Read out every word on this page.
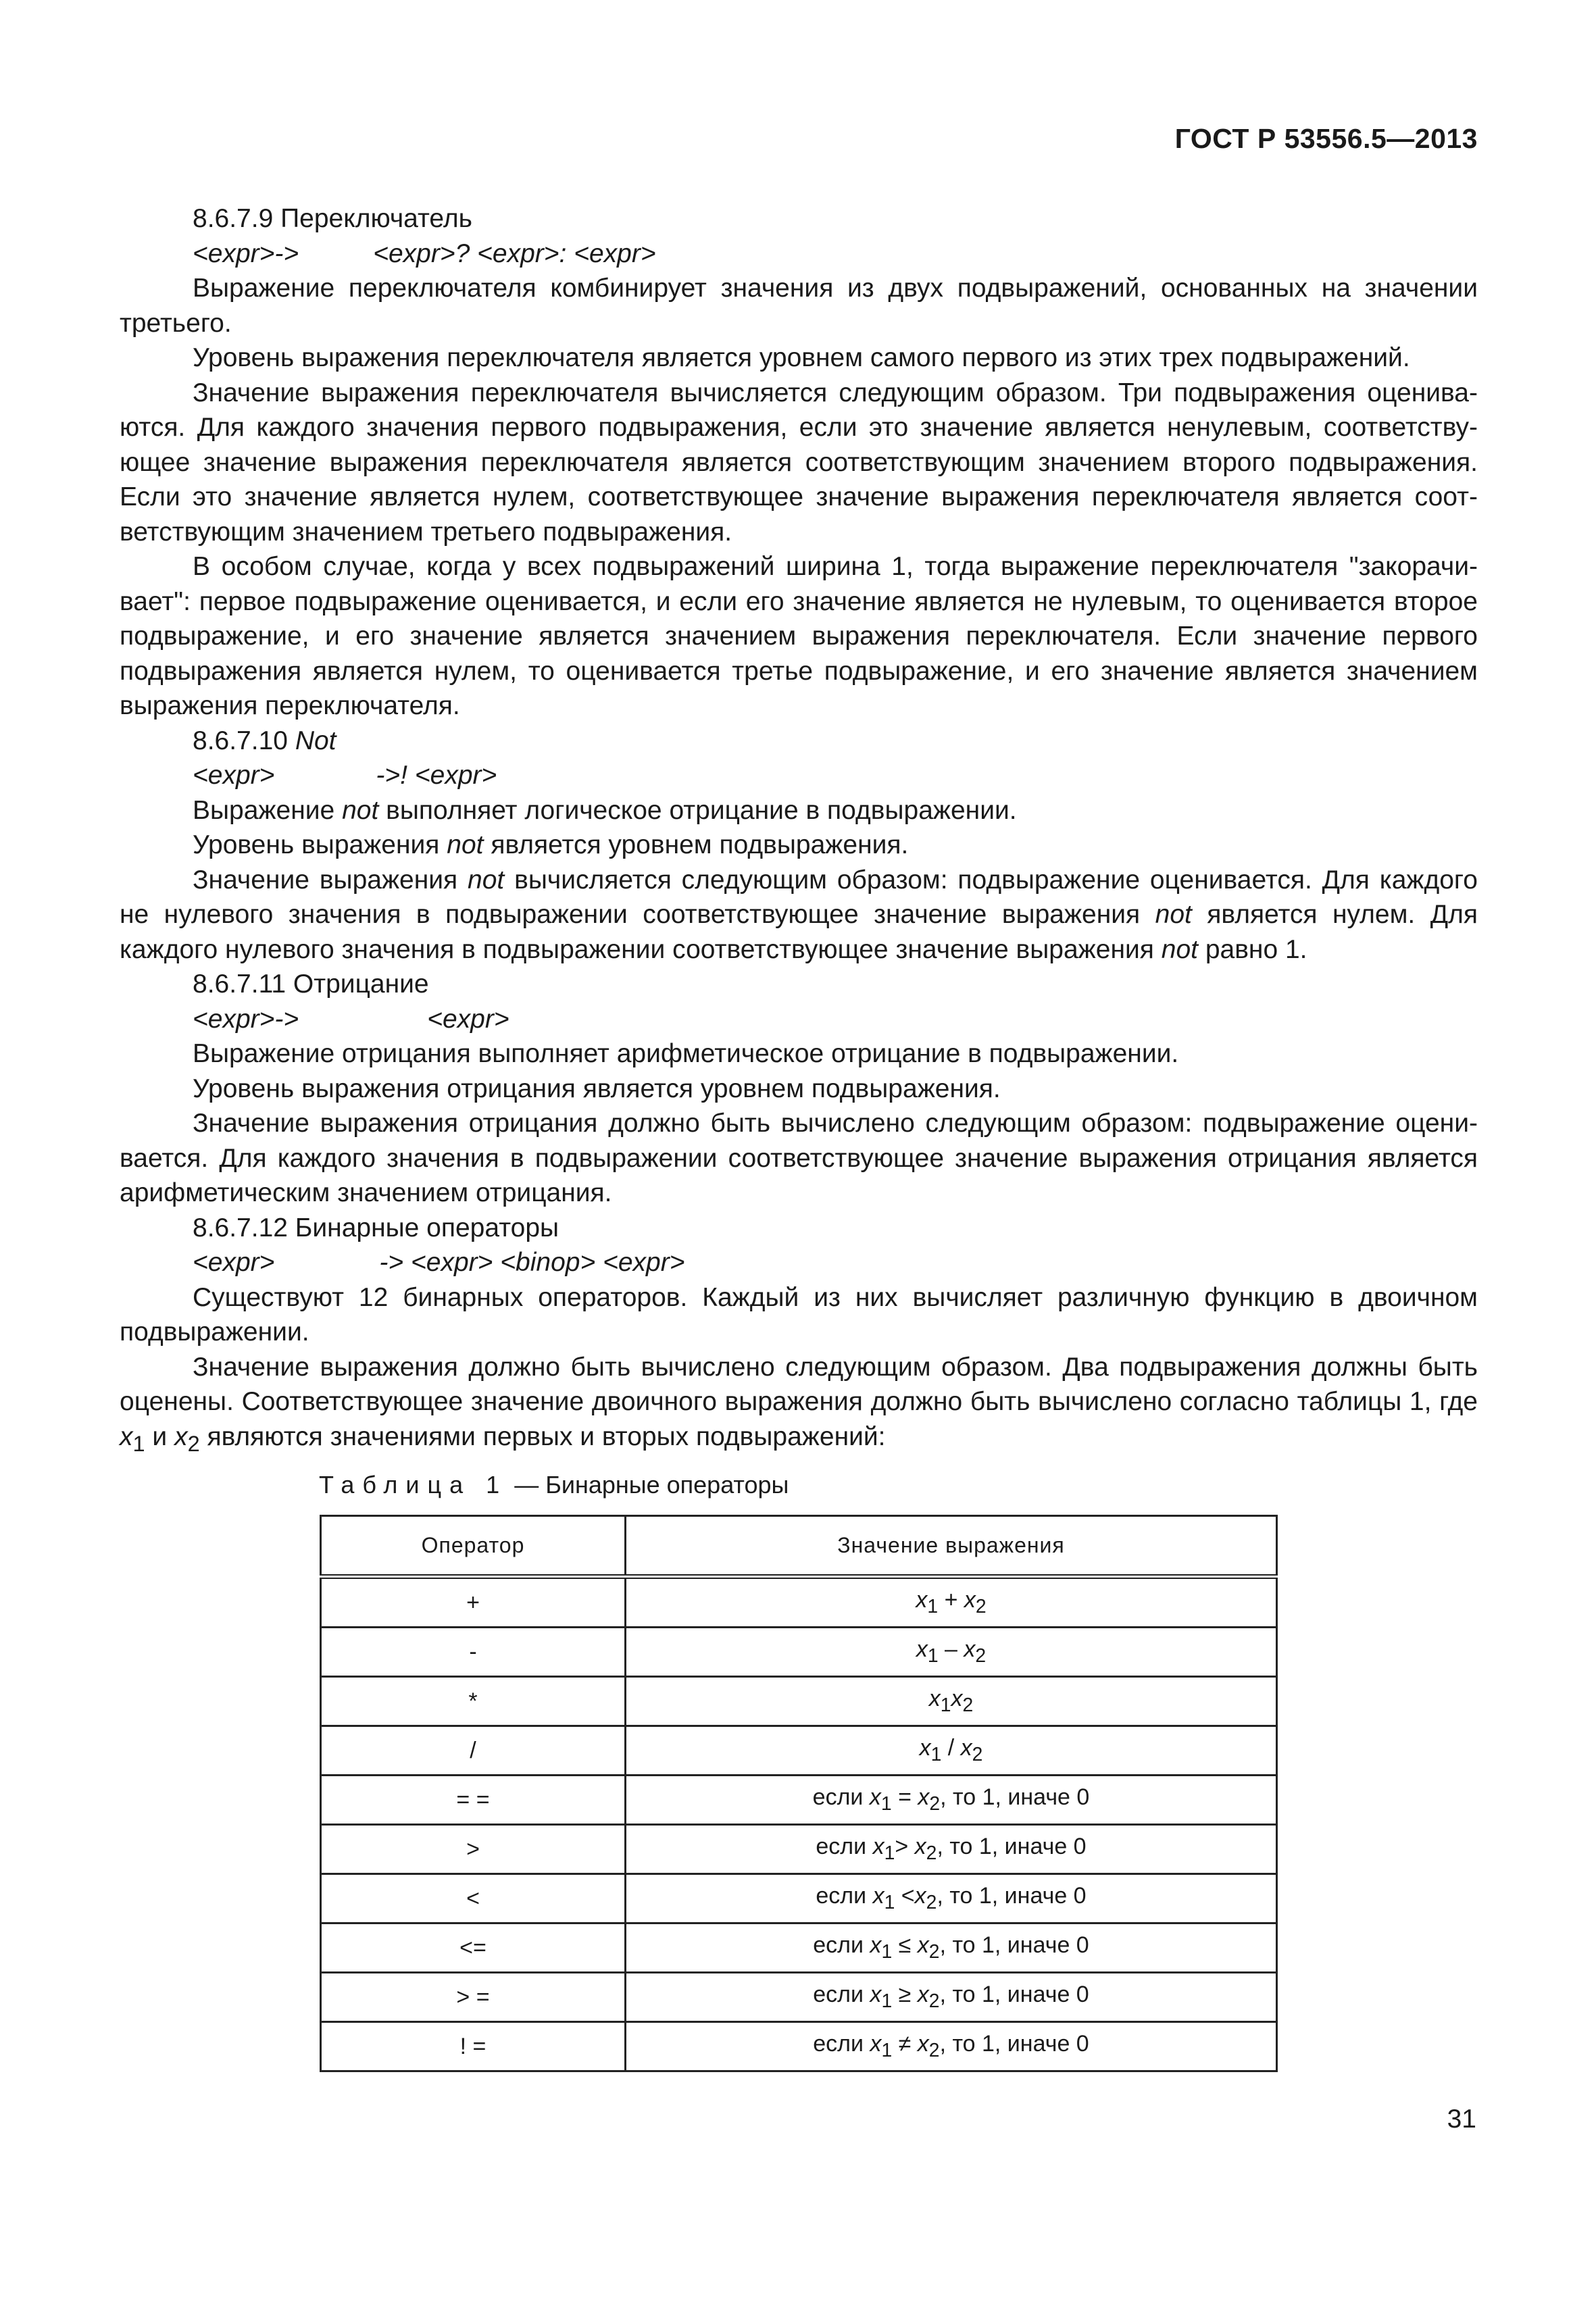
ГОСТ Р 53556.5—2013

8.6.7.9 Переключатель

<expr>->	<expr>? <expr>: <expr>

Выражение переключателя комбинирует значения из двух подвыражений, основанных на значении третьего.

Уровень выражения переключателя является уровнем самого первого из этих трех подвыражений.

Значение выражения переключателя вычисляется следующим образом. Три подвыражения оцениваются. Для каждого значения первого подвыражения, если это значение является ненулевым, соответствующее значение выражения переключателя является соответствующим значением второго подвыражения. Если это значение является нулем, соответствующее значение выражения переключателя является соответствующим значением третьего подвыражения.

В особом случае, когда у всех подвыражений ширина 1, тогда выражение переключателя "закорачивает": первое подвыражение оценивается, и если его значение является не нулевым, то оценивается второе подвыражение, и его значение является значением выражения переключателя. Если значение первого подвыражения является нулем, то оценивается третье подвыражение, и его значение является значением выражения переключателя.

8.6.7.10 Not

<expr>	->! <expr>

Выражение not выполняет логическое отрицание в подвыражении.

Уровень выражения not является уровнем подвыражения.

Значение выражения not вычисляется следующим образом: подвыражение оценивается. Для каждого не нулевого значения в подвыражении соответствующее значение выражения not является нулем. Для каждого нулевого значения в подвыражении соответствующее значение выражения not равно 1.

8.6.7.11 Отрицание

<expr>->	<expr>

Выражение отрицания выполняет арифметическое отрицание в подвыражении.

Уровень выражения отрицания является уровнем подвыражения.

Значение выражения отрицания должно быть вычислено следующим образом: подвыражение оценивается. Для каждого значения в подвыражении соответствующее значение выражения отрицания является арифметическим значением отрицания.

8.6.7.12 Бинарные операторы

<expr>	-> <expr> <binop> <expr>

Существуют 12 бинарных операторов. Каждый из них вычисляет различную функцию в двоичном подвыражении.

Значение выражения должно быть вычислено следующим образом. Два подвыражения должны быть оценены. Соответствующее значение двоичного выражения должно быть вычислено согласно таблицы 1, где $x_1$ и $x_2$ являются значениями первых и вторых подвыражений:

Таблица 1 — Бинарные операторы
Оператор	Значение выражения
+	$x_1 + x_2$
-	$x_1 - x_2$
*	$x_1x_2$
/	$x_1 / x_2$
= =	если $x_1 = x_2$, то 1, иначе 0
>	если $x_1> x_2$, то 1, иначе 0
<	если $x_1 <x_2$, то 1, иначе 0
<=	если $x_1 \le x_2$, то 1, иначе 0
> =	если $x_1 \ge x_2$, то 1, иначе 0
! =	если $x_1 \ne x_2$, то 1, иначе 0
31
